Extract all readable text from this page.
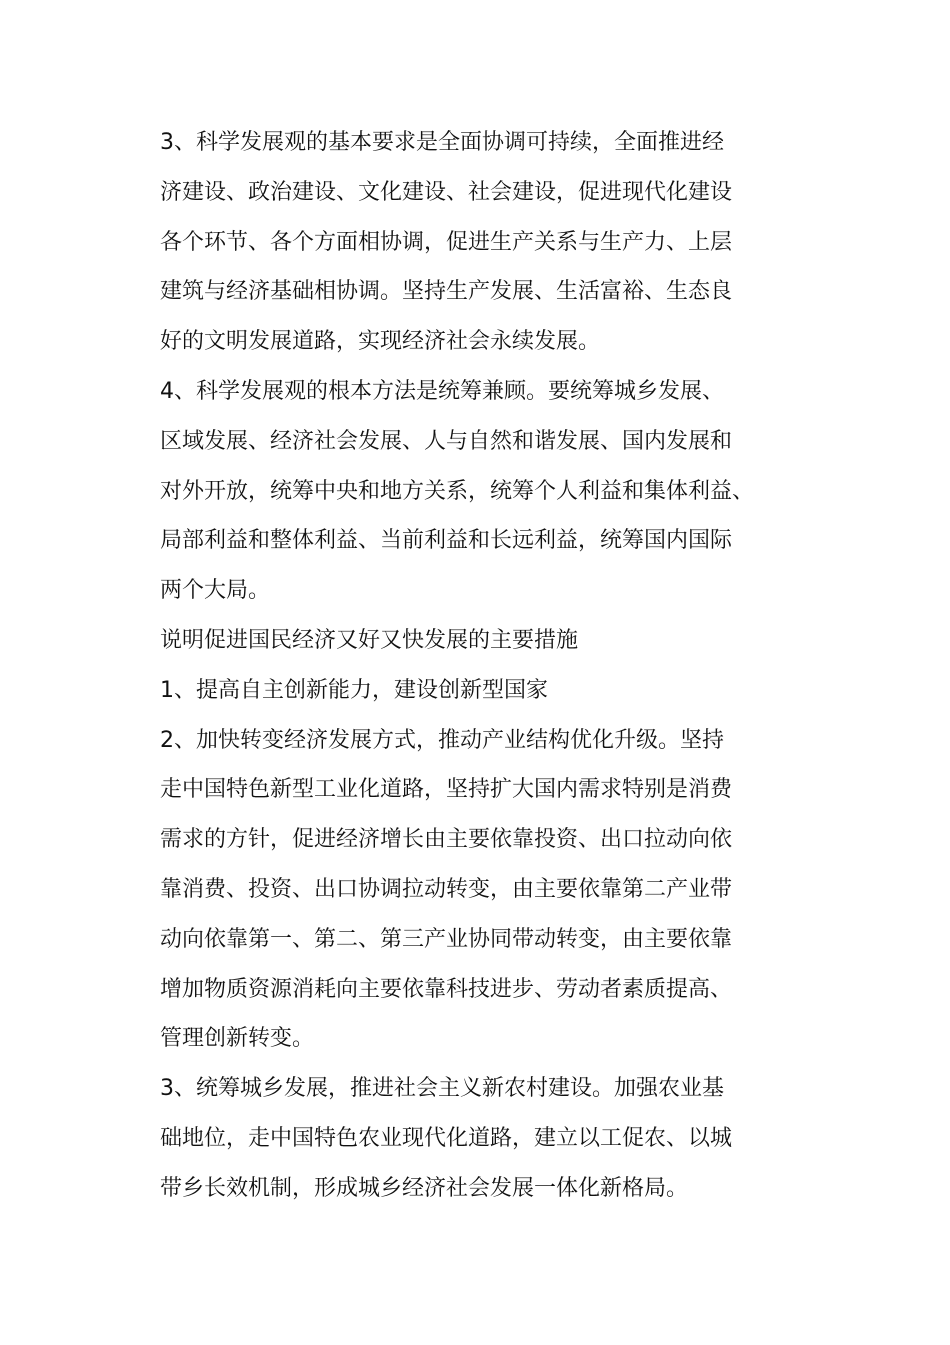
3、科学发展观的基本要求是全面协调可持续，全面推进经
济建设、政治建设、文化建设、社会建设，促进现代化建设
各个环节、各个方面相协调，促进生产关系与生产力、上层
建筑与经济基础相协调。坚持生产发展、生活富裕、生态良
好的文明发展道路，实现经济社会永续发展。
4、科学发展观的根本方法是统筹兼顾。要统筹城乡发展、
区域发展、经济社会发展、人与自然和谐发展、国内发展和
对外开放，统筹中央和地方关系，统筹个人利益和集体利益、
局部利益和整体利益、当前利益和长远利益，统筹国内国际
两个大局。
说明促进国民经济又好又快发展的主要措施
1、提高自主创新能力，建设创新型国家
2、加快转变经济发展方式，推动产业结构优化升级。坚持
走中国特色新型工业化道路，坚持扩大国内需求特别是消费
需求的方针，促进经济增长由主要依靠投资、出口拉动向依
靠消费、投资、出口协调拉动转变，由主要依靠第二产业带
动向依靠第一、第二、第三产业协同带动转变，由主要依靠
增加物质资源消耗向主要依靠科技进步、劳动者素质提高、
管理创新转变。
3、统筹城乡发展，推进社会主义新农村建设。加强农业基
础地位，走中国特色农业现代化道路，建立以工促农、以城
带乡长效机制，形成城乡经济社会发展一体化新格局。
